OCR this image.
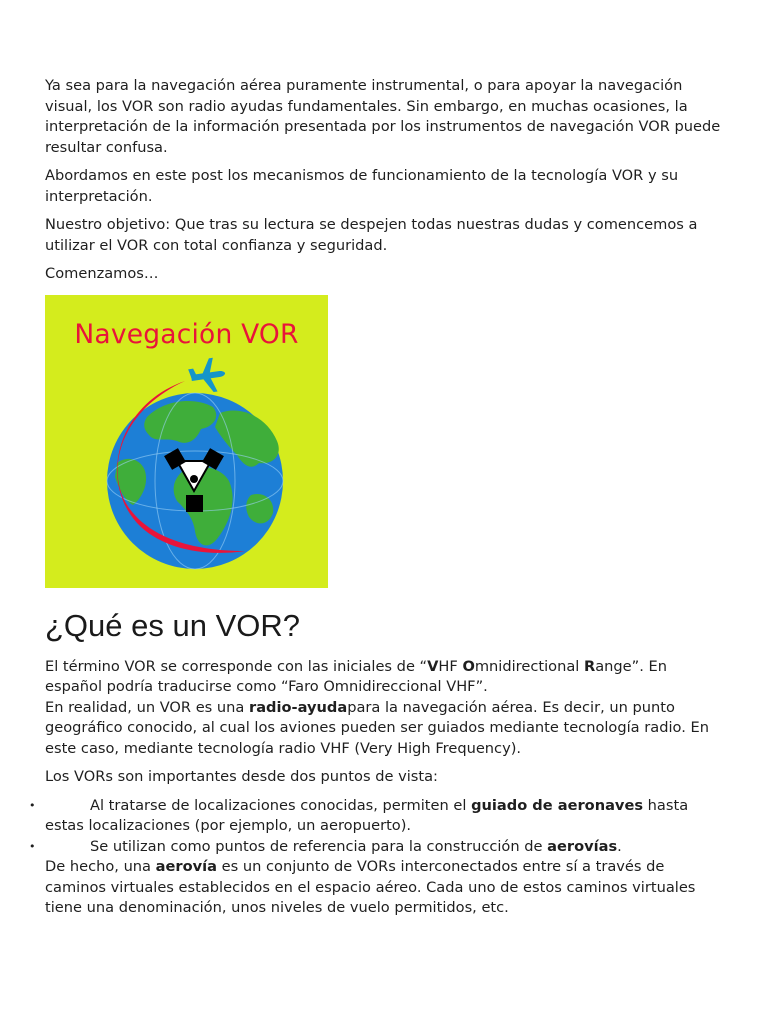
Ya sea para la navegación aérea puramente instrumental, o para apoyar la navegación visual, los VOR son radio ayudas fundamentales. Sin embargo, en muchas ocasiones, la interpretación de la información presentada por los instrumentos de navegación VOR puede resultar confusa.

Abordamos en este post los mecanismos de funcionamiento de la tecnología VOR y su interpretación.

Nuestro objetivo: Que tras su lectura se despejen todas nuestras dudas y comencemos a utilizar el VOR con total confianza y seguridad.

Comenzamos…

Navegación VOR
¿Qué es un VOR?

El término VOR se corresponde con las iniciales de “VHF Omnidirectional Range”. En español podría traducirse como “Faro Omnidireccional VHF”.

En realidad, un VOR es una radio-ayudapara la navegación aérea. Es decir, un punto geográfico conocido, al cual los aviones pueden ser guiados mediante tecnología radio. En este caso, mediante tecnología radio VHF (Very High Frequency).

Los VORs son importantes desde dos puntos de vista:

•	Al tratarse de localizaciones conocidas, permiten el guiado de aeronaves hasta estas localizaciones (por ejemplo, un aeropuerto).
•	Se utilizan como puntos de referencia para la construcción de aerovías.

De hecho, una aerovía es un conjunto de VORs interconectados entre sí a través de caminos virtuales establecidos en el espacio aéreo. Cada uno de estos caminos virtuales tiene una denominación, unos niveles de vuelo permitidos, etc.
